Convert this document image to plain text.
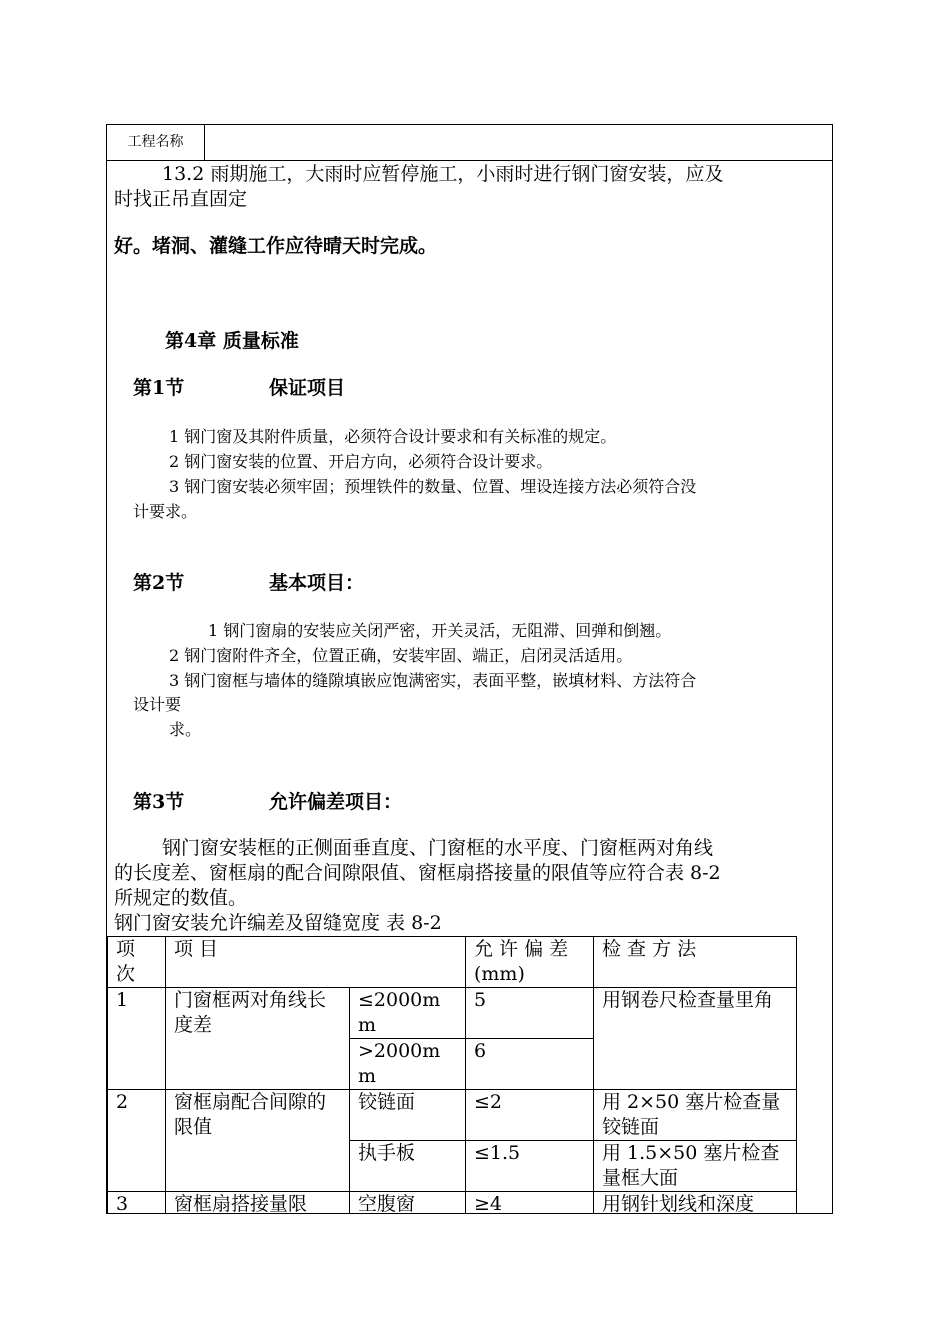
工程名称
13.2 雨期施工，大雨时应暂停施工，小雨时进行钢门窗安装，应及
时找正吊直固定
好。堵洞、灌缝工作应待晴天时完成。
第4章 质量标准
第1节	保证项目
1 钢门窗及其附件质量，必须符合设计要求和有关标准的规定。
2 钢门窗安装的位置、开启方向，必须符合设计要求。
3 钢门窗安装必须牢固；预埋铁件的数量、位置、埋设连接方法必须符合没
计要求。
第2节	基本项目：
1 钢门窗扇的安装应关闭严密，开关灵活，无阻滞、回弹和倒翘。
2 钢门窗附件齐全，位置正确，安装牢固、端正，启闭灵活适用。
3 钢门窗框与墙体的缝隙填嵌应饱满密实，表面平整，嵌填材料、方法符合
设计要
求。
第3节	允许偏差项目：
钢门窗安装框的正侧面垂直度、门窗框的水平度、门窗框两对角线
的长度差、窗框扇的配合间隙限值、窗框扇搭接量的限值等应符合表 8-2
所规定的数值。
钢门窗安装允许编差及留缝宽度 表 8-2
项次	项 目		允 许 偏 差 (mm)	检 查 方 法
1	门窗框两对角线长度差	≤2000mm	5	用钢卷尺检查量里角
		>2000mm	6	
2	窗框扇配合间隙的限值	铰链面	≤2	用 2×50 塞片检查量铰链面
		执手板	≤1.5	用 1.5×50 塞片检查量框大面
3	窗框扇搭接量限	空腹窗	≥4	用钢针划线和深度
